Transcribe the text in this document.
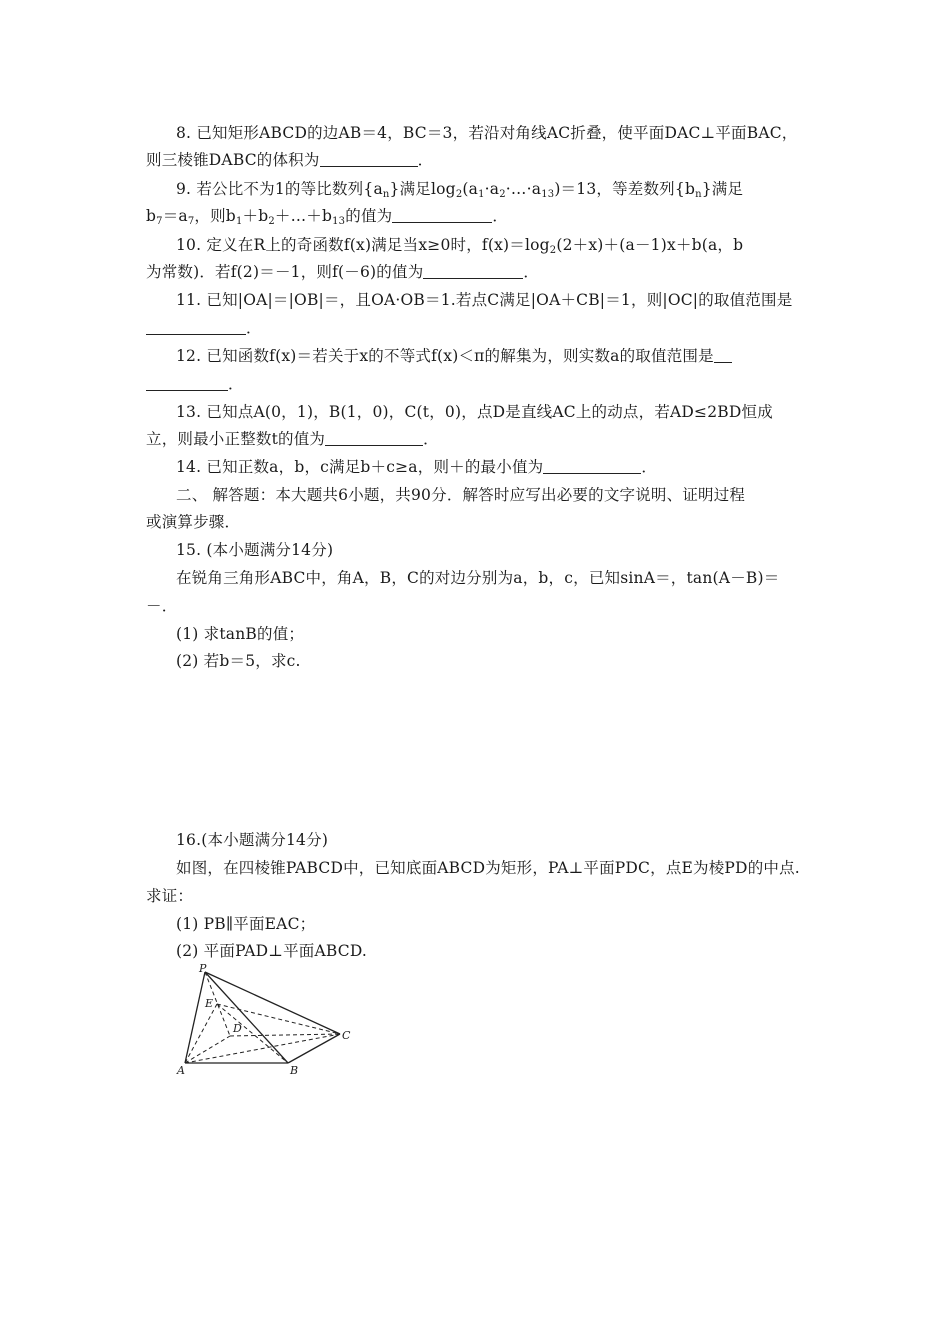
8. 已知矩形ABCD的边AB＝4，BC＝3，若沿对角线AC折叠，使平面DAC⊥平面BAC，
则三棱锥DABC的体积为	．
9. 若公比不为1的等比数列$\{a_n\}$满足$\log_2(a_1\cdot a_2\cdot\dots\cdot a_{13})=13$，等差数列$\{b_n\}$满足
$b_7=a_7$，则$b_1+b_2+\dots+b_{13}$的值为	．
10. 定义在R上的奇函数f(x)满足当x≥0时，$f(x)=\log_2(2+x)+(a-1)x+b(a$，b
为常数)．若f(2)＝－1，则f(－6)的值为	．
11. 已知|OA|＝|OB|＝，且OA·OB＝1.若点C满足|OA＋CB|＝1，则|OC|的取值范围是
．
12. 已知函数f(x)＝若关于x的不等式f(x)＜π的解集为，则实数a的取值范围是
．
13. 已知点A(0，1)，B(1，0)，C(t，0)，点D是直线AC上的动点，若AD≤2BD恒成
立，则最小正整数t的值为	．
14. 已知正数a，b，c满足b＋c≥a，则＋的最小值为	．
二、 解答题：本大题共6小题，共90分．解答时应写出必要的文字说明、证明过程
或演算步骤．
15. (本小题满分14分)
在锐角三角形ABC中，角A，B，C的对边分别为a，b，c，已知sinA＝，tan(A－B)＝
－．
(1) 求tanB的值；
(2) 若b＝5，求c.
16.(本小题满分14分)
如图，在四棱锥PABCD中，已知底面ABCD为矩形，PA⊥平面PDC，点E为棱PD的中点.
求证：
(1) PB∥平面EAC；
(2) 平面PAD⊥平面ABCD.
P
E
D
C
A	B
